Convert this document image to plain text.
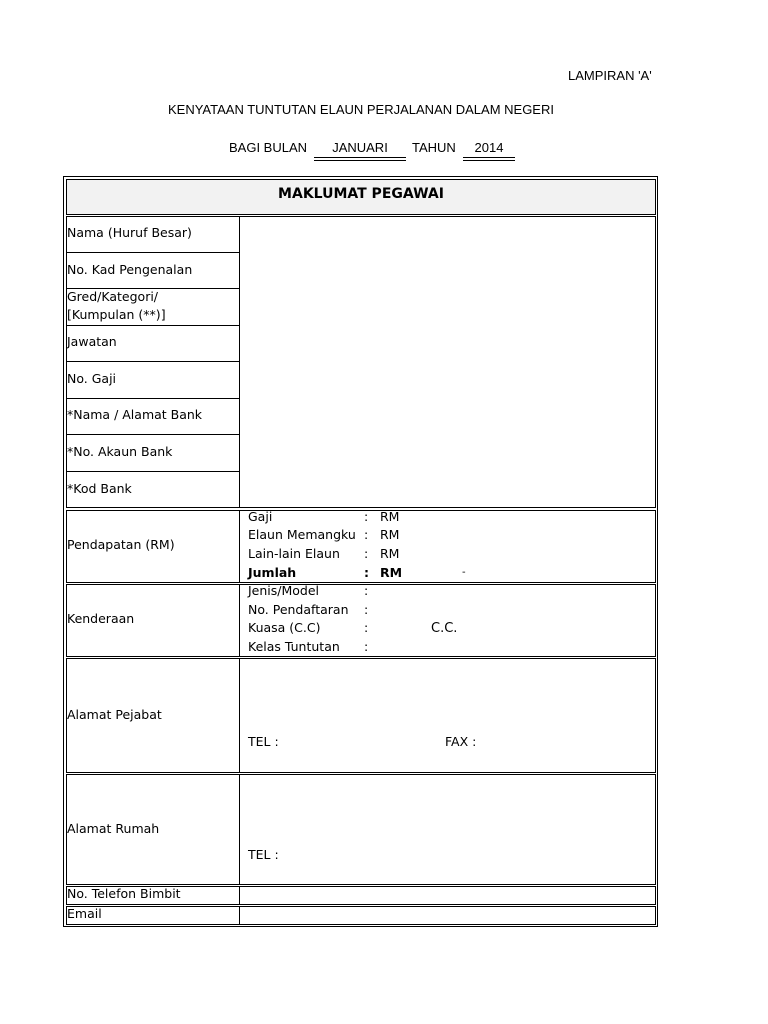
LAMPIRAN 'A'
KENYATAAN TUNTUTAN ELAUN PERJALANAN DALAM NEGERI
BAGI BULAN	JANUARI	TAHUN	2014
MAKLUMAT PEGAWAI
Nama (Huruf Besar)
No. Kad Pengenalan
Gred/Kategori/
[Kumpulan (**)]
Jawatan
No. Gaji
*Nama / Alamat Bank
*No. Akaun Bank
*Kod Bank
Pendapatan (RM)
Gaji	: RM
Elaun Memangku : RM
Lain-lain Elaun : RM
Jumlah	: RM	-
Kenderaan
Jenis/Model	:
No. Pendaftaran :
Kuasa (C.C)	:	C.C.
Kelas Tuntutan :
Alamat Pejabat
TEL :	FAX :
Alamat Rumah
TEL :
No. Telefon Bimbit
Email
